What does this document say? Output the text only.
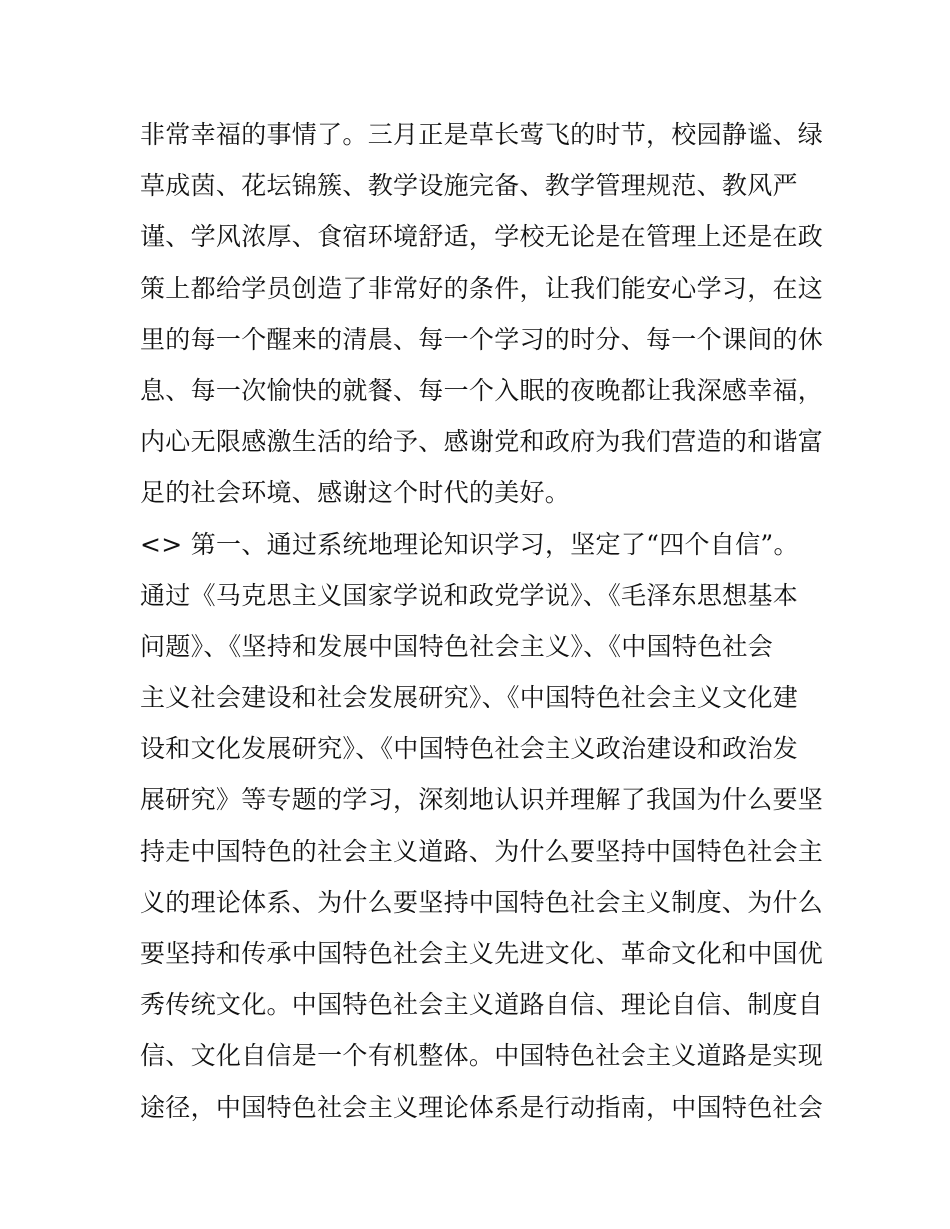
非常幸福的事情了。三月正是草长莺飞的时节，校园静谧、绿
草成茵、花坛锦簇、教学设施完备、教学管理规范、教风严
谨、学风浓厚、食宿环境舒适，学校无论是在管理上还是在政
策上都给学员创造了非常好的条件，让我们能安心学习，在这
里的每一个醒来的清晨、每一个学习的时分、每一个课间的休
息、每一次愉快的就餐、每一个入眠的夜晚都让我深感幸福，
内心无限感激生活的给予、感谢党和政府为我们营造的和谐富
足的社会环境、感谢这个时代的美好。
<> 第一、通过系统地理论知识学习，坚定了“四个自信”。
通过《马克思主义国家学说和政党学说》、《毛泽东思想基本
问题》、《坚持和发展中国特色社会主义》、《中国特色社会
主义社会建设和社会发展研究》、《中国特色社会主义文化建
设和文化发展研究》、《中国特色社会主义政治建设和政治发
展研究》等专题的学习，深刻地认识并理解了我国为什么要坚
持走中国特色的社会主义道路、为什么要坚持中国特色社会主
义的理论体系、为什么要坚持中国特色社会主义制度、为什么
要坚持和传承中国特色社会主义先进文化、革命文化和中国优
秀传统文化。中国特色社会主义道路自信、理论自信、制度自
信、文化自信是一个有机整体。中国特色社会主义道路是实现
途径，中国特色社会主义理论体系是行动指南，中国特色社会
